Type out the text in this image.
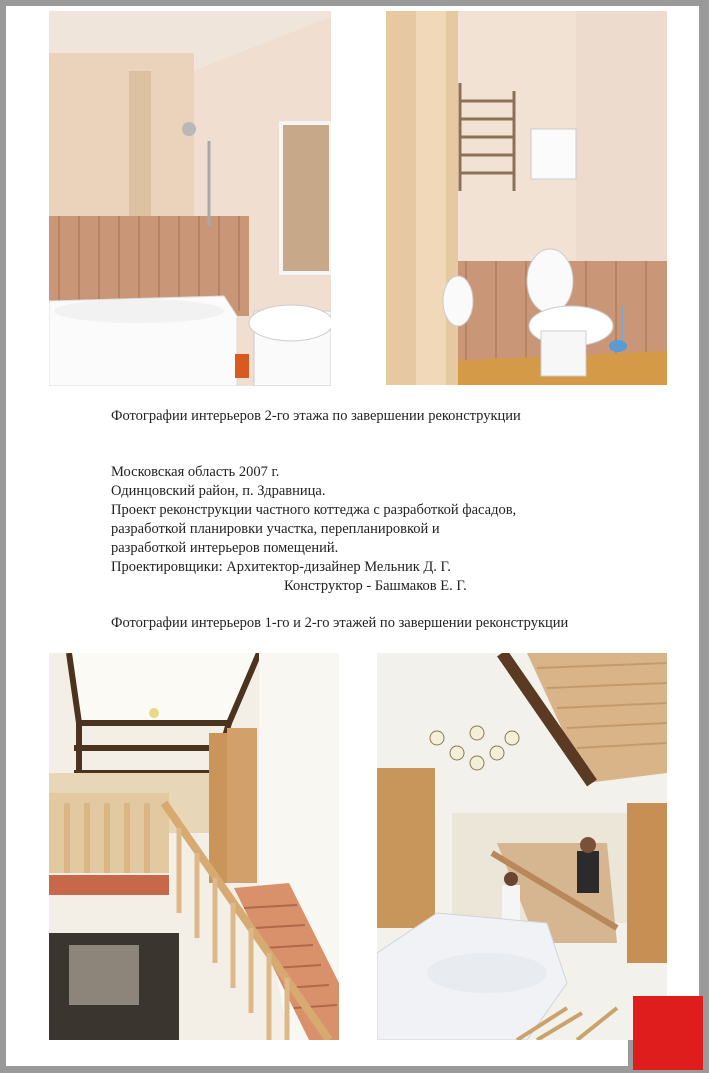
Фотографии интерьеров 2-го этажа по завершении реконструкции
Московская область 2007 г.
Одинцовский район, п. Здравница.
Проект реконструкции частного коттеджа с разработкой фасадов,
разработкой планировки участка, перепланировкой и
разработкой интерьеров помещений.
Проектировщики: Архитектор-дизайнер Мельник Д. Г.
Конструктор - Башмаков Е. Г.
Фотографии интерьеров 1-го и 2-го этажей по завершении реконструкции
